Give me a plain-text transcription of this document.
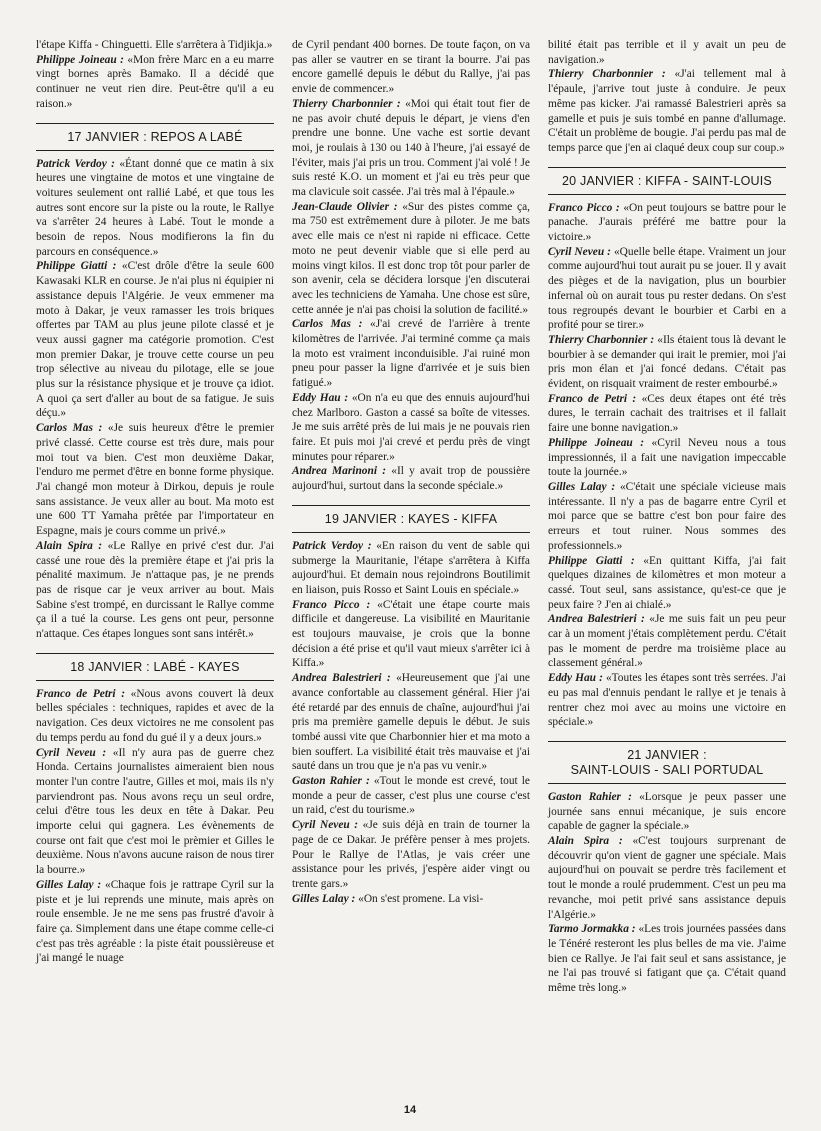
l'étape Kiffa - Chinguetti. Elle s'arrêtera à Tidjikja.»

Philippe Joineau : «Mon frère Marc en a eu marre vingt bornes après Bamako. Il a décidé que continuer ne veut rien dire. Peut-être qu'il a eu raison.»

17 JANVIER : REPOS A LABÉ

Patrick Verdoy : «Étant donné que ce matin à six heures une vingtaine de motos et une vingtaine de voitures seulement ont rallié Labé, et que tous les autres sont encore sur la piste ou la route, le Rallye va s'arrêter 24 heures à Labé. Tout le monde a besoin de repos. Nous modifierons la fin du parcours en conséquence.»

Philippe Giatti : «C'est drôle d'être la seule 600 Kawasaki KLR en course. Je n'ai plus ni équipier ni assistance depuis l'Algérie. Je veux emmener ma moto à Dakar, je veux ramasser les trois briques offertes par TAM au plus jeune pilote classé et je veux aussi gagner ma catégorie promotion. C'est mon premier Dakar, je trouve cette course un peu trop sélective au niveau du pilotage, elle se joue plus sur la résistance physique et je trouve ça idiot. A quoi ça sert d'aller au bout de sa fatigue. Je suis déçu.»

Carlos Mas : «Je suis heureux d'être le premier privé classé. Cette course est très dure, mais pour moi tout va bien. C'est mon deuxième Dakar, l'enduro me permet d'être en bonne forme physique. J'ai changé mon moteur à Dirkou, depuis je roule sans assistance. Je veux aller au bout. Ma moto est une 600 TT Yamaha prêtée par l'importateur en Espagne, mais je cours comme un privé.»

Alain Spira : «Le Rallye en privé c'est dur. J'ai cassé une roue dès la première étape et j'ai pris la pénalité maximum. Je n'attaque pas, je ne prends pas de risque car je veux arriver au bout. Mais Sabine s'est trompé, en durcissant le Rallye comme ça il a tué la course. Les gens ont peur, personne n'attaque. Ces étapes longues sont sans intérêt.»

18 JANVIER : LABÉ - KAYES

Franco de Petri : «Nous avons couvert là deux belles spéciales : techniques, rapides et avec de la navigation. Ces deux victoires ne me consolent pas du temps perdu au fond du gué il y a deux jours.»

Cyril Neveu : «Il n'y aura pas de guerre chez Honda. Certains journalistes aimeraient bien nous monter l'un contre l'autre, Gilles et moi, mais ils n'y parviendront pas. Nous avons reçu un seul ordre, celui d'être tous les deux en tête à Dakar. Peu importe celui qui gagnera. Les évènements de course ont fait que c'est moi le prèmier et Gilles le deuxième. Nous n'avons aucune raison de nous tirer la bourre.»

Gilles Lalay : «Chaque fois je rattrape Cyril sur la piste et je lui reprends une minute, mais après on roule ensemble. Je ne me sens pas frustré d'avoir à faire ça. Simplement dans une étape comme celle-ci c'est pas très agréable : la piste était poussièreuse et j'ai mangé le nuage

de Cyril pendant 400 bornes. De toute façon, on va pas aller se vautrer en se tirant la bourre. J'ai pas encore gamellé depuis le début du Rallye, j'ai pas envie de commencer.»

Thierry Charbonnier : «Moi qui était tout fier de ne pas avoir chuté depuis le départ, je viens d'en prendre une bonne. Une vache est sortie devant moi, je roulais à 130 ou 140 à l'heure, j'ai essayé de l'éviter, mais j'ai pris un trou. Comment j'ai volé ! Je suis resté K.O. un moment et j'ai eu très peur que ma clavicule soit cassée. J'ai très mal à l'épaule.»

Jean-Claude Olivier : «Sur des pistes comme ça, ma 750 est extrêmement dure à piloter. Je me bats avec elle mais ce n'est ni rapide ni efficace. Cette moto ne peut devenir viable que si elle perd au moins vingt kilos. Il est donc trop tôt pour parler de son avenir, cela se décidera lorsque j'en discuterai avec les techniciens de Yamaha. Une chose est sûre, cette année je n'ai pas choisi la solution de facilité.»

Carlos Mas : «J'ai crevé de l'arrière à trente kilomètres de l'arrivée. J'ai terminé comme ça mais la moto est vraiment inconduisible. J'ai ruiné mon pneu pour passer la ligne d'arrivée et je suis bien fatigué.»

Eddy Hau : «On n'a eu que des ennuis aujourd'hui chez Marlboro. Gaston a cassé sa boîte de vitesses. Je me suis arrêté près de lui mais je ne pouvais rien faire. Et puis moi j'ai crevé et perdu près de vingt minutes pour réparer.»

Andrea Marinoni : «Il y avait trop de poussière aujourd'hui, surtout dans la seconde spéciale.»

19 JANVIER : KAYES - KIFFA

Patrick Verdoy : «En raison du vent de sable qui submerge la Mauritanie, l'étape s'arrêtera à Kiffa aujourd'hui. Et demain nous rejoindrons Boutilimit en liaison, puis Rosso et Saint Louis en spéciale.»

Franco Picco : «C'était une étape courte mais difficile et dangereuse. La visibilité en Mauritanie est toujours mauvaise, je crois que la bonne décision a été prise et qu'il vaut mieux s'arrêter ici à Kiffa.»

Andrea Balestrieri : «Heureusement que j'ai une avance confortable au classement général. Hier j'ai été retardé par des ennuis de chaîne, aujourd'hui j'ai pris ma première gamelle depuis le début. Je suis tombé aussi vite que Charbonnier hier et ma moto a bien souffert. La visibilité était très mauvaise et j'ai sauté dans un trou que je n'a pas vu venir.»

Gaston Rahier : «Tout le monde est crevé, tout le monde a peur de casser, c'est plus une course c'est un raid, c'est du tourisme.»

Cyril Neveu : «Je suis déjà en train de tourner la page de ce Dakar. Je préfère penser à mes projets. Pour le Rallye de l'Atlas, je vais créer une assistance pour les privés, j'espère aider vingt ou trente gars.»

Gilles Lalay : «On s'est promene. La visi-

bilité était pas terrible et il y avait un peu de navigation.»

Thierry Charbonnier : «J'ai tellement mal à l'épaule, j'arrive tout juste à conduire. Je peux même pas kicker. J'ai ramassé Balestrieri après sa gamelle et puis je suis tombé en panne d'allumage. C'était un problème de bougie. J'ai perdu pas mal de temps parce que j'en ai claqué deux coup sur coup.»

20 JANVIER : KIFFA - SAINT-LOUIS

Franco Picco : «On peut toujours se battre pour le panache. J'aurais préféré me battre pour la victoire.»

Cyril Neveu : «Quelle belle étape. Vraiment un jour comme aujourd'hui tout aurait pu se jouer. Il y avait des pièges et de la navigation, plus un bourbier infernal où on aurait tous pu rester dedans. On s'est tous regroupés devant le bourbier et Carbi en a profité pour se tirer.»

Thierry Charbonnier : «Ils étaient tous là devant le bourbier à se demander qui irait le premier, moi j'ai pris mon élan et j'ai foncé dedans. C'était pas évident, on risquait vraiment de rester embourbé.»

Franco de Petri : «Ces deux étapes ont été très dures, le terrain cachait des traitrises et il fallait faire une bonne navigation.»

Philippe Joineau : «Cyril Neveu nous a tous impressionnés, il a fait une navigation impeccable toute la journée.»

Gilles Lalay : «C'était une spéciale vicieuse mais intéressante. Il n'y a pas de bagarre entre Cyril et moi parce que se battre c'est bon pour faire des erreurs et tout ruiner. Nous sommes des professionnels.»

Philippe Giatti : «En quittant Kiffa, j'ai fait quelques dizaines de kilomètres et mon moteur a cassé. Tout seul, sans assistance, qu'est-ce que je peux faire ? J'en ai chialé.»

Andrea Balestrieri : «Je me suis fait un peu peur car à un moment j'étais complètement perdu. C'était pas le moment de perdre ma troisième place au classement général.»

Eddy Hau : «Toutes les étapes sont très serrées. J'ai eu pas mal d'ennuis pendant le rallye et je tenais à rentrer chez moi avec au moins une victoire en spéciale.»

21 JANVIER :
SAINT-LOUIS - SALI PORTUDAL

Gaston Rahier : «Lorsque je peux passer une journée sans ennui mécanique, je suis encore capable de gagner la spéciale.»

Alain Spira : «C'est toujours surprenant de découvrir qu'on vient de gagner une spéciale. Mais aujourd'hui on pouvait se perdre très facilement et tout le monde a roulé prudemment. C'est un peu ma revanche, moi petit privé sans assistance depuis l'Algérie.»

Tarmo Jormakka : «Les trois journées passées dans le Ténéré resteront les plus belles de ma vie. J'aime bien ce Rallye. Je l'ai fait seul et sans assistance, je ne l'ai pas trouvé si fatigant que ça. C'était quand même très long.»

14
